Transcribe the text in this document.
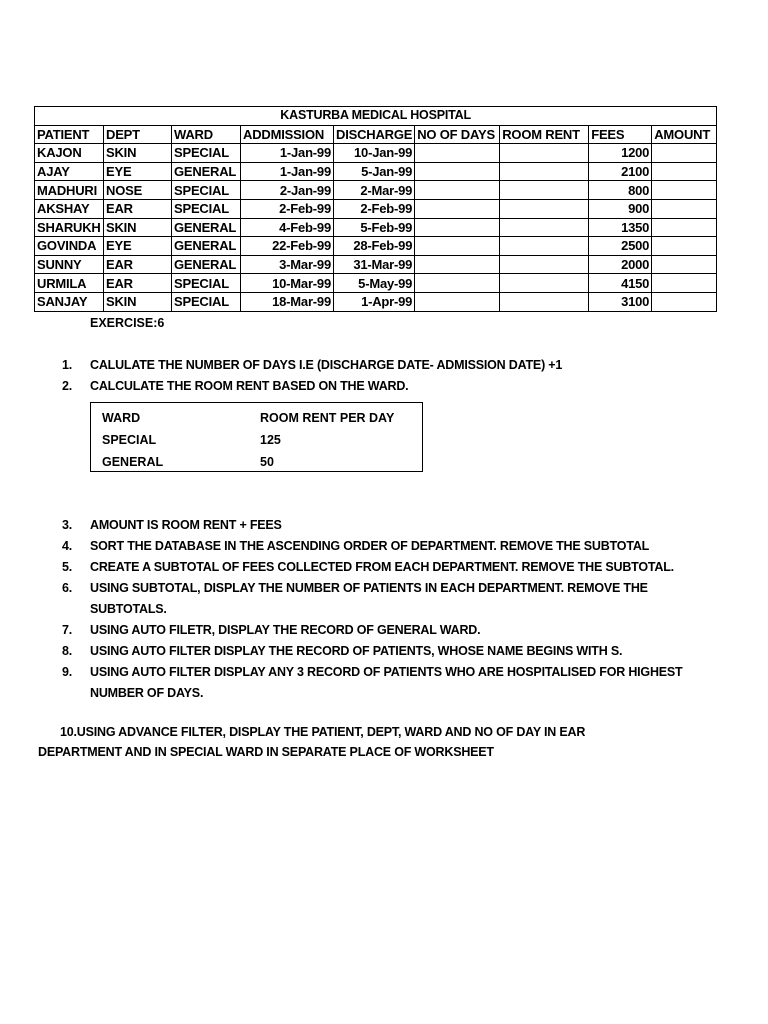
KASTURBA MEDICAL HOSPITAL								
PATIENT	DEPT	WARD	ADDMISSION	DISCHARGE	NO OF DAYS	ROOM RENT	FEES	AMOUNT
KAJON	SKIN	SPECIAL	1-Jan-99	10-Jan-99			1200	
AJAY	EYE	GENERAL	1-Jan-99	5-Jan-99			2100	
MADHURI	NOSE	SPECIAL	2-Jan-99	2-Mar-99			800	
AKSHAY	EAR	SPECIAL	2-Feb-99	2-Feb-99			900	
SHARUKH	SKIN	GENERAL	4-Feb-99	5-Feb-99			1350	
GOVINDA	EYE	GENERAL	22-Feb-99	28-Feb-99			2500	
SUNNY	EAR	GENERAL	3-Mar-99	31-Mar-99			2000	
URMILA	EAR	SPECIAL	10-Mar-99	5-May-99			4150	
SANJAY	SKIN	SPECIAL	18-Mar-99	1-Apr-99			3100	
EXERCISE:6
1. CALULATE THE NUMBER OF DAYS I.E (DISCHARGE DATE- ADMISSION DATE) +1
2. CALCULATE THE ROOM RENT BASED ON THE WARD.
WARD	ROOM RENT PER DAY
SPECIAL	125
GENERAL	50
3. AMOUNT IS ROOM RENT + FEES
4. SORT THE DATABASE IN THE ASCENDING ORDER OF DEPARTMENT. REMOVE THE SUBTOTAL
5. CREATE A SUBTOTAL OF FEES COLLECTED FROM EACH DEPARTMENT. REMOVE THE SUBTOTAL.
6. USING SUBTOTAL, DISPLAY THE NUMBER OF PATIENTS IN EACH DEPARTMENT. REMOVE THE SUBTOTALS.
7. USING AUTO FILETR, DISPLAY THE RECORD OF GENERAL WARD.
8. USING AUTO FILTER DISPLAY THE RECORD OF PATIENTS, WHOSE NAME BEGINS WITH S.
9. USING AUTO FILTER DISPLAY ANY 3 RECORD OF PATIENTS WHO ARE HOSPITALISED FOR HIGHEST NUMBER OF DAYS.
10.USING ADVANCE FILTER, DISPLAY THE PATIENT, DEPT, WARD AND NO OF DAY IN EAR
DEPARTMENT AND IN SPECIAL WARD IN SEPARATE PLACE OF WORKSHEET
